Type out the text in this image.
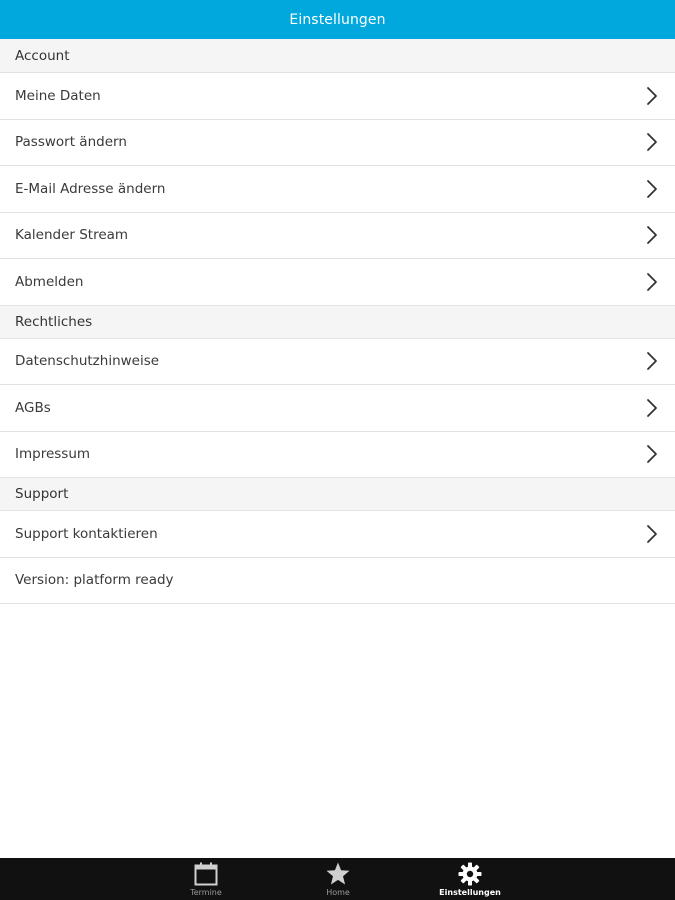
Einstellungen
Account
Meine Daten
Passwort ändern
E-Mail Adresse ändern
Kalender Stream
Abmelden
Rechtliches
Datenschutzhinweise
AGBs
Impressum
Support
Support kontaktieren
Version: platform ready
Termine	Home	Einstellungen
